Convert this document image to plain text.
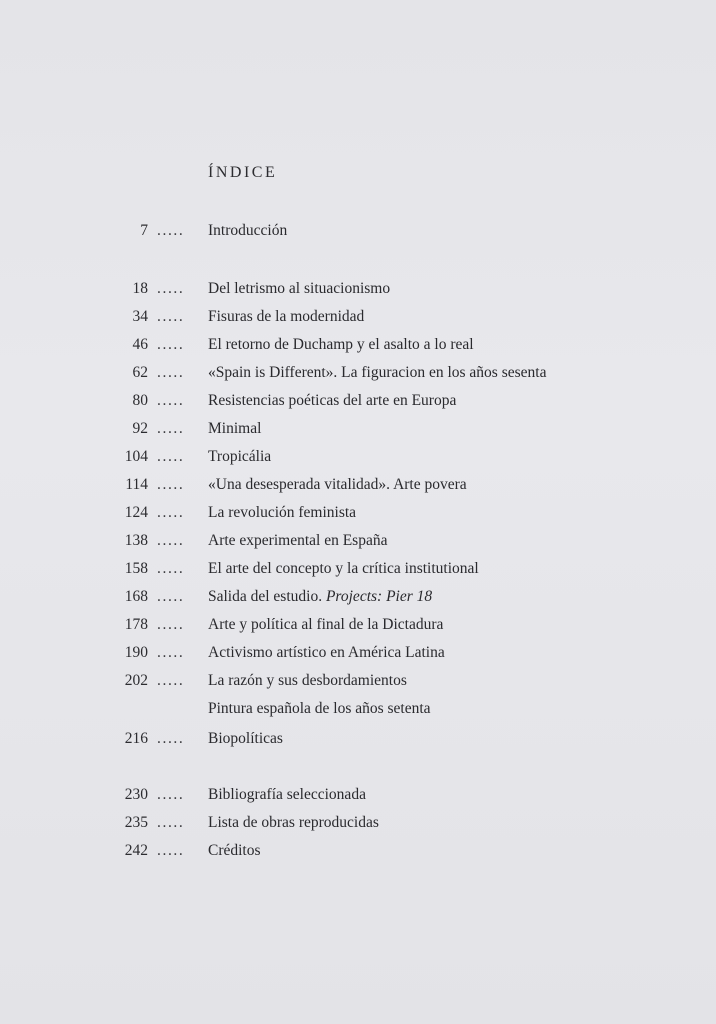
ÍNDICE
7 ..... Introducción
18 ..... Del letrismo al situacionismo
34 ..... Fisuras de la modernidad
46 ..... El retorno de Duchamp y el asalto a lo real
62 ..... «Spain is Different». La figuracion en los años sesenta
80 ..... Resistencias poéticas del arte en Europa
92 ..... Minimal
104 ..... Tropicália
114 ..... «Una desesperada vitalidad». Arte povera
124 ..... La revolución feminista
138 ..... Arte experimental en España
158 ..... El arte del concepto y la crítica institutional
168 ..... Salida del estudio. Projects: Pier 18
178 ..... Arte y política al final de la Dictadura
190 ..... Activismo artístico en América Latina
202 ..... La razón y sus desbordamientos
Pintura española de los años setenta
216 ..... Biopolíticas
230 ..... Bibliografía seleccionada
235 ..... Lista de obras reproducidas
242 ..... Créditos
